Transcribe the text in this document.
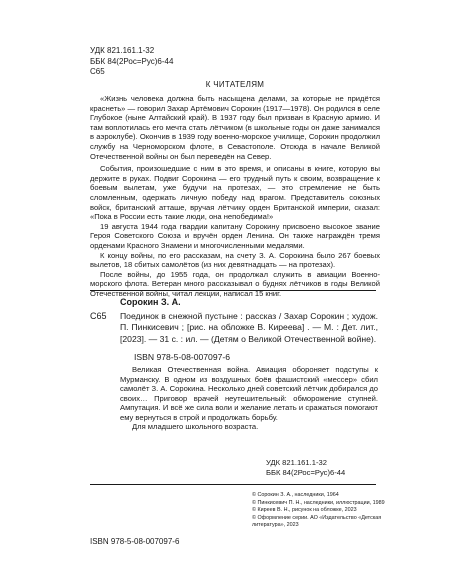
УДК 821.161.1-32
ББК 84(2Рос=Рус)6-44
С65
К ЧИТАТЕЛЯМ

«Жизнь человека должна быть насыщена делами, за которые не придётся краснеть» — говорил Захар Артёмович Сорокин (1917—1978). Он родился в селе Глубокое (ныне Алтайский край). В 1937 году был призван в Красную армию. И там воплотилась его мечта стать лётчиком (в школьные годы он даже занимался в аэроклубе). Окончив в 1939 году военно-морское училище, Сорокин продолжил службу на Черноморском флоте, в Севастополе. Отсюда в начале Великой Отечественной войны он был переведён на Север.

События, произошедшие с ним в это время, и описаны в книге, которую вы держите в руках. Подвиг Сорокина — его трудный путь к своим, возвращение к боевым вылетам, уже будучи на протезах, — это стремление не быть сломленным, одержать личную победу над врагом. Представитель союзных войск, британский атташе, вручая лётчику орден Британской империи, сказал: «Пока в России есть такие люди, она непобедима!»

19 августа 1944 года гвардии капитану Сорокину присвоено высокое звание Героя Советского Союза и вручён орден Ленина. Он также награждён тремя орденами Красного Знамени и многочисленными медалями.

К концу войны, по его рассказам, на счету З. А. Сорокина было 267 боевых вылетов, 18 сбитых самолётов (из них девятнадцать — на протезах).

После войны, до 1955 года, он продолжал служить в авиации Военно-морского флота. Ветеран много рассказывал о буднях лётчиков в годы Великой Отечественной войны, читал лекции, написал 15 книг.

Сорокин З. А.
С65 Поединок в снежной пустыне : рассказ / Захар Сорокин ; худож. П. Пинкисевич ; [рис. на обложке В. Киреева] . — М. : Дет. лит., [2023]. — 31 с. : ил. — (Детям о Великой Отечественной войне).
ISBN 978-5-08-007097-6

Великая Отечественная война. Авиация обороняет подступы к Мурманску. В одном из воздушных боёв фашистский «мессер» сбил самолёт З. А. Сорокина. Несколько дней советский лётчик добирался до своих… Приговор врачей неутешительный: обморожение ступней. Ампутация. И всё же сила воли и желание летать и сражаться помогают ему вернуться в строй и продолжать борьбу.

Для младшего школьного возраста.

УДК 821.161.1-32
ББК 84(2Рос=Рус)6-44
© Сорокин З. А., наследники, 1964
© Пинкисевич П. Н., наследники, иллюстрации, 1989
© Киреев В. Н., рисунок на обложке, 2023
© Оформление серии. АО «Издательство «Детская литература», 2023
ISBN 978-5-08-007097-6
